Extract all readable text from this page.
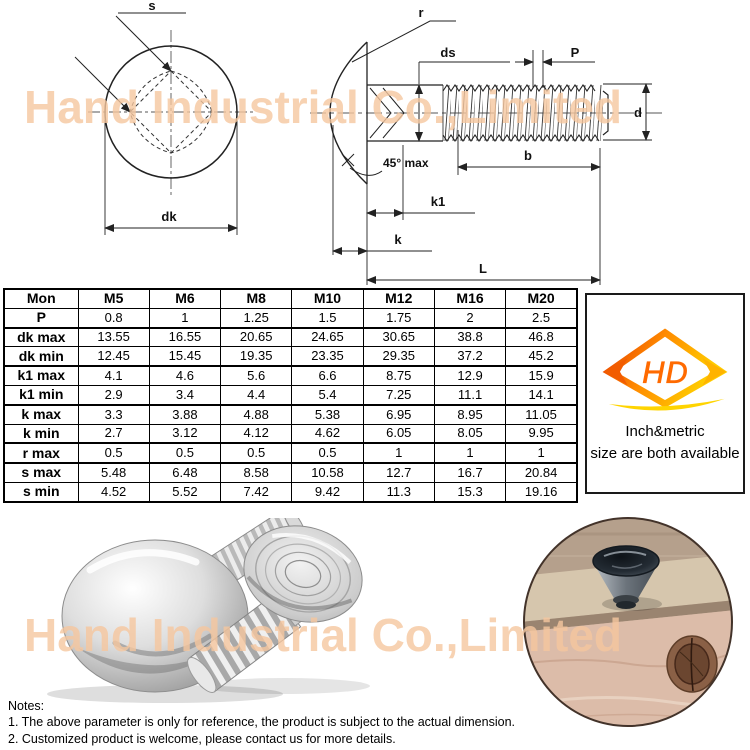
s
dk
r
ds	P
d
45° max	b
k1
k
L
Mon	M5	M6	M8	M10	M12	M16	M20
P	0.8	1	1.25	1.5	1.75	2	2.5
dk max	13.55	16.55	20.65	24.65	30.65	38.8	46.8
dk min	12.45	15.45	19.35	23.35	29.35	37.2	45.2
k1 max	4.1	4.6	5.6	6.6	8.75	12.9	15.9
k1 min	2.9	3.4	4.4	5.4	7.25	11.1	14.1
k max	3.3	3.88	4.88	5.38	6.95	8.95	11.05
k min	2.7	3.12	4.12	4.62	6.05	8.05	9.95
r max	0.5	0.5	0.5	0.5	1	1	1
s max	5.48	6.48	8.58	10.58	12.7	16.7	20.84
s min	4.52	5.52	7.42	9.42	11.3	15.3	19.16
HD
Inch&metric
size are both available
Notes:
1. The above parameter is only for reference, the product is subject to the actual dimension.
2. Customized product is welcome, please contact us for more details.
Hand Industrial Co.,Limited
Hand Industrial Co.,Limited
